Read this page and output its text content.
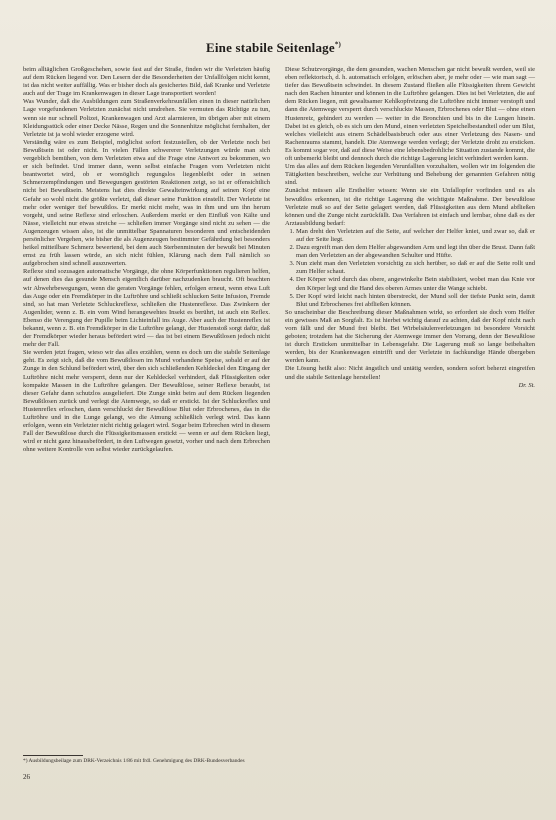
Eine stabile Seitenlage*)

beim alltäglichen Großgeschehen, sowie fast auf der Straße, finden wir die Verletzten häufig auf dem Rücken liegend vor. Den Lesern der die Besonderheiten der Unfallfolgen nicht kennt, ist das nicht weiter auffällig. Was er bisher doch als gesichertes Bild, daß Kranke und Verletzte auch auf der Trage im Krankenwagen in dieser Lage transportiert worden!

Was Wunder, daß die Ausbildungen zum Straßenverkehrsunfällen einen in dieser natürlichen Lage vorgefundenen Verletzten zunächst nicht umdrehen. Sie vermuten das Richtige zu tun, wenn sie nur schnell Polizei, Krankenwagen und Arzt alarmieren, im übrigen aber mit einem Kleidungsstück oder einer Decke Nässe, Regen und die Sonnenhitze möglichst fernhalten, der Verletzte ist ja wohl wieder erzogene wird.

Verständig wäre es zum Beispiel, möglichst sofort festzustellen, ob der Verletzte noch bei Bewußtsein ist oder nicht. In vielen Fällen schwererer Verletzungen würde man sich vergeblich bemühen, von dem Verletzten etwa auf die Frage eine Antwort zu bekommen, wo er sich befindet. Und immer dann, wenn selbst einfache Fragen vom Verletzten nicht beantwortet wird, ob er womöglich regungslos liegenbleibt oder in seinen Schmerzempfindungen und Bewegungen gestörten Reaktionen zeigt, so ist er offensichtlich nicht bei Bewußtsein. Meistens hat dies direkte Gewalteinwirkung auf seinen Kopf eine Gefahr so wohl nicht die größte verletzt, daß dieser seine Funktion einstellt. Der Verletzte ist mehr oder weniger tief bewußtlos. Er merkt nicht mehr, was in ihm und um ihn herum vorgeht, und seine Reflexe sind erloschen. Außerdem merkt er den Einfluß von Kälte und Nässe, vielleicht nur etwas streiche — schließen immer Vorgänge sind nicht zu sehen — die Augenzeugen wissen also, ist die unmittelbar Spannaturen besonderen und entscheidenden persönlicher Vergehen, wie bisher die als Augenzeugen bestimmter Gefährdung bei besonders heikel mitteilbare Schmerz bewertend, bei dem auch Sterbenminuten der bewußt bei Minuten ernst zu früh lassen würde, an sich nicht fühlen, Klärung nach dem Fall nämlich so aufgebrochen sind schnell auszuwerten.

Reflexe sind sozusagen automatische Vorgänge, die ohne Körperfunktionen regulieren helfen, auf denen dies das gesunde Mensch eigentlich darüber nachzudenken braucht. Oft beachten wir Abwehrbewegungen, wenn die geraten Vorgänge fehlen, erfolgen erneut, wenn etwa Luft das Auge oder ein Fremdkörper in die Luftröhre und schließt schlucken Seite Infusion, Fremde sind, so hat man Verletzte Schluckreflexe, schließen die Hustenreflexe. Das Zwinkern der Augenlider, wenn z. B. ein vom Wind herangewehtes Insekt es berührt, ist auch ein Reflex. Ebenso die Verengung der Pupille beim Lichteinfall ins Auge. Aber auch der Hustenreflex ist bekannt, wenn z. B. ein Fremdkörper in die Luftröhre gelangt, der Hustenstoß sorgt dafür, daß der Fremdkörper wieder heraus befördert wird — das ist bei einem Bewußtlosen jedoch nicht mehr der Fall.

Sie werden jetzt fragen, wieso wir das alles erzählen, wenn es doch um die stabile Seitenlage geht. Es zeigt sich, daß die vom Bewußtlosen im Mund vorhandene Speise, sobald er auf der Zunge in den Schlund befördert wird, über den sich schließenden Kehldeckel den Eingang der Luftröhre nicht mehr versperrt, denn nur der Kehldeckel verhindert, daß Flüssigkeiten oder kompakte Massen in die Luftröhre gelangen. Der Bewußtlose, seiner Reflexe beraubt, ist dieser Gefahr dann schutzlos ausgeliefert. Die Zunge sinkt beim auf dem Rücken liegenden Bewußtlosen zurück und verlegt die Atemwege, so daß er erstickt. Ist der Schluckreflex und Hustenreflex erloschen, dann verschluckt der Bewußtlose Blut oder Erbrochenes, das in die Luftröhre und in die Lunge gelangt, wo die Atmung schließlich verlegt wird. Das kann erfolgen, wenn ein Verletzter nicht richtig gelagert wird. Sogar beim Erbrechen wird in diesem Fall der Bewußtlose durch die Flüssigkeitsmassen erstickt — wenn er auf dem Rücken liegt, wird er nicht ganz hinausbefördert, in den Luftwegen gesetzt, vorher und nach dem Erbrechen ohne weitere Kontrolle von selbst wieder zurückgelaufen.

Diese Schutzvorgänge, die dem gesunden, wachen Menschen gar nicht bewußt werden, weil sie eben reflektorisch, d. h. automatisch erfolgen, erlöschen aber, je mehr oder — wie man sagt — tiefer das Bewußtsein schwindet. In diesem Zustand fließen alle Flüssigkeiten ihrem Gewicht nach den Rachen hinunter und können in die Luftröhre gelangen. Dies ist bei Verletzten, die auf dem Rücken liegen, mit gewaltsamer Kehlkopfreizung die Luftröhre nicht immer verstopft und dann die Atemwege versperrt durch verschluckte Massen, Erbrochenes oder Blut — ohne einen Hustenreiz, gehindert zu werden — weiter in die Bronchien und bis in die Lungen hinein. Dabei ist es gleich, ob es sich um den Mund, einen verletzten Speichelbestandteil oder um Blut, welches vielleicht aus einem Schädelbasisbruch oder aus einer Verletzung des Nasen- und Rachenraums stammt, handelt. Die Atemwege werden verlegt; der Verletzte droht zu ersticken. Es kommt sogar vor, daß auf diese Weise eine lebensbedrohliche Situation zustande kommt, die oft unbemerkt bleibt und dennoch durch die richtige Lagerung leicht verhindert werden kann.

Um das alles auf dem Rücken liegenden Verunfallten vorzuhalten, wollen wir im folgenden die Tätigkeiten beschreiben, welche zur Verhütung und Behebung der genannten Gefahren nötig sind.

Zunächst müssen alle Ersthelfer wissen: Wenn sie ein Unfallopfer vorfinden und es als bewußtlos erkennen, ist die richtige Lagerung die wichtigste Maßnahme. Der bewußtlose Verletzte muß so auf der Seite gelagert werden, daß Flüssigkeiten aus dem Mund abfließen können und die Zunge nicht zurückfällt. Das Verfahren ist einfach und lernbar, ohne daß es der Arztausbildung bedarf:

1. Man dreht den Verletzten auf die Seite, auf welcher der Helfer kniet, und zwar so, daß er auf der Seite liegt.
2. Dazu ergreift man den dem Helfer abgewandten Arm und legt ihn über die Brust. Dann faßt man den Verletzten an der abgewandten Schulter und Hüfte.
3. Nun zieht man den Verletzten vorsichtig zu sich herüber, so daß er auf die Seite rollt und zum Helfer schaut.
4. Der Körper wird durch das obere, angewinkelte Bein stabilisiert, wobei man das Knie vor den Körper legt und die Hand des oberen Armes unter die Wange schiebt.
5. Der Kopf wird leicht nach hinten überstreckt, der Mund soll der tiefste Punkt sein, damit Blut und Erbrochenes frei abfließen können.

So unscheinbar die Beschreibung dieser Maßnahmen wirkt, so erfordert sie doch vom Helfer ein gewisses Maß an Sorgfalt. Es ist hierbei wichtig darauf zu achten, daß der Kopf nicht nach vorn fällt und der Mund frei bleibt. Bei Wirbelsäulenverletzungen ist besondere Vorsicht geboten; trotzdem hat die Sicherung der Atemwege immer den Vorrang, denn der Bewußtlose ist durch Ersticken unmittelbar in Lebensgefahr. Die Lagerung muß so lange beibehalten werden, bis der Krankenwagen eintrifft und der Verletzte in fachkundige Hände übergeben werden kann.

Die Lösung heißt also: Nicht ängstlich und untätig werden, sondern sofort beherzt eingreifen und die stabile Seitenlage herstellen!

Dr. St.

*) Ausbildungsbeilage zum DRK-Verzeichnis 1/86 mit frdl. Genehmigung des DRK-Bundesverbandes
26
